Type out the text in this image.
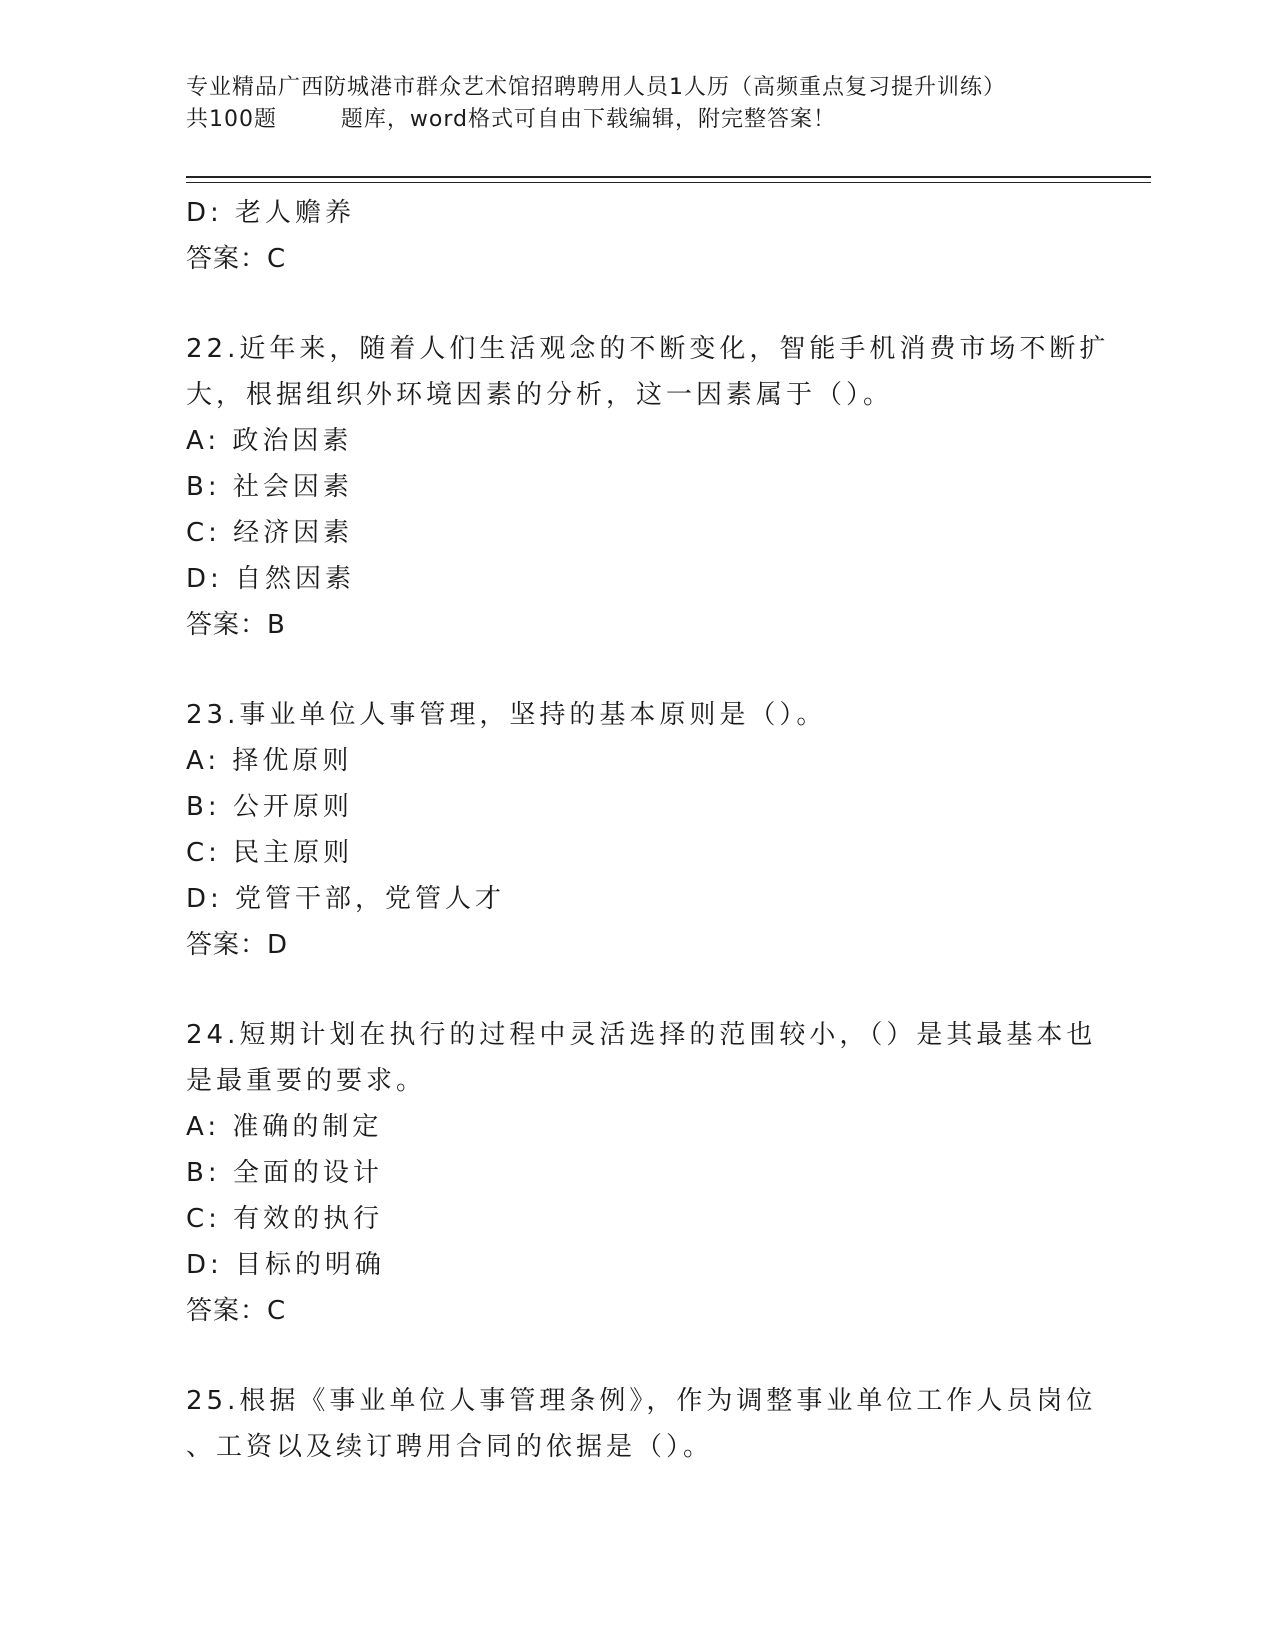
专业精品广西防城港市群众艺术馆招聘聘用人员1人历（高频重点复习提升训练）
共100题        题库，word格式可自由下载编辑，附完整答案！
D: 老人赡养
答案：C
22.近年来，随着人们生活观念的不断变化，智能手机消费市场不断扩
大，根据组织外环境因素的分析，这一因素属于（）。
A: 政治因素
B: 社会因素
C: 经济因素
D: 自然因素
答案：B
23.事业单位人事管理，坚持的基本原则是（）。
A: 择优原则
B: 公开原则
C: 民主原则
D: 党管干部，党管人才
答案：D
24.短期计划在执行的过程中灵活选择的范围较小，（）是其最基本也
是最重要的要求。
A: 准确的制定
B: 全面的设计
C: 有效的执行
D: 目标的明确
答案：C
25.根据《事业单位人事管理条例》，作为调整事业单位工作人员岗位
、工资以及续订聘用合同的依据是（）。
